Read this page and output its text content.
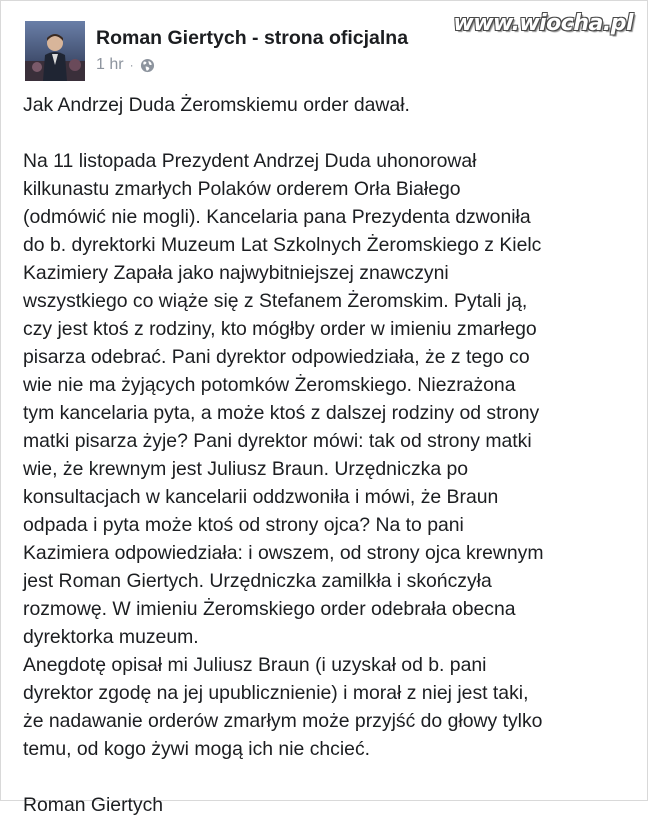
Roman Giertych - strona oficjalna
1 hr ·
www.wiocha.pl

Jak Andrzej Duda Żeromskiemu order dawał.

Na 11 listopada Prezydent Andrzej Duda uhonorował
kilkunastu zmarłych Polaków orderem Orła Białego
(odmówić nie mogli). Kancelaria pana Prezydenta dzwoniła
do b. dyrektorki Muzeum Lat Szkolnych Żeromskiego z Kielc
Kazimiery Zapała jako najwybitniejszej znawczyni
wszystkiego co wiąże się z Stefanem Żeromskim. Pytali ją,
czy jest ktoś z rodziny, kto mógłby order w imieniu zmarłego
pisarza odebrać. Pani dyrektor odpowiedziała, że z tego co
wie nie ma żyjących potomków Żeromskiego. Niezrażona
tym kancelaria pyta, a może ktoś z dalszej rodziny od strony
matki pisarza żyje? Pani dyrektor mówi: tak od strony matki
wie, że krewnym jest Juliusz Braun. Urzędniczka po
konsultacjach w kancelarii oddzwoniła i mówi, że Braun
odpada i pyta może ktoś od strony ojca? Na to pani
Kazimiera odpowiedziała: i owszem, od strony ojca krewnym
jest Roman Giertych. Urzędniczka zamilkła i skończyła
rozmowę. W imieniu Żeromskiego order odebrała obecna
dyrektorka muzeum.
Anegdotę opisał mi Juliusz Braun (i uzyskał od b. pani
dyrektor zgodę na jej upublicznienie) i morał z niej jest taki,
że nadawanie orderów zmarłym może przyjść do głowy tylko
temu, od kogo żywi mogą ich nie chcieć.

Roman Giertych
